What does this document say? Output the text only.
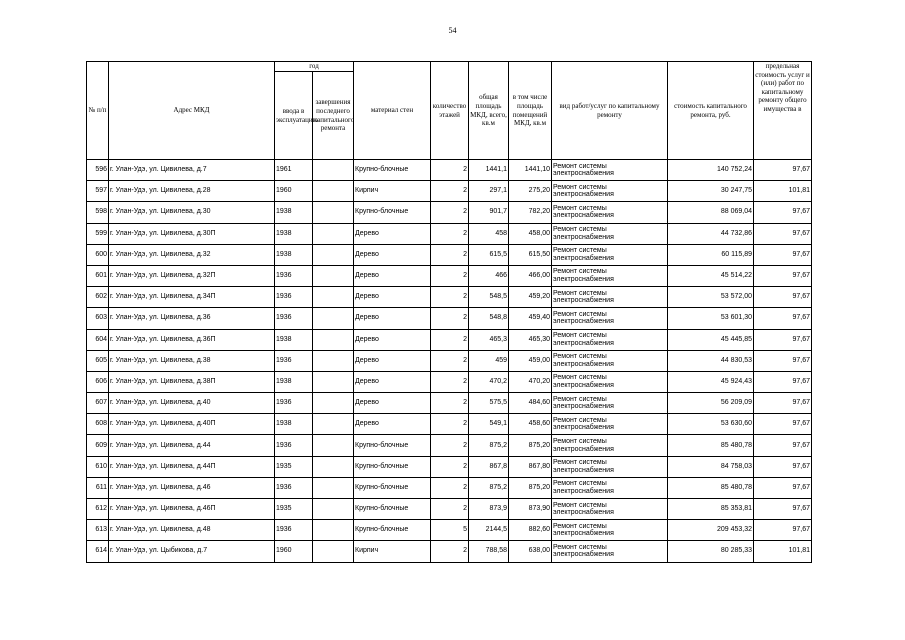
54
№ п/п	Адрес МКД	год		материал стен	количество этажей	общая площадь МКД, всего, кв.м	в том числе площадь помещений МКД, кв.м	вид работ/услуг по капитальному ремонту	стоимость капитального ремонта, руб.	предельная стоимость услуг и (или) работ по капитальному ремонту общего имущества в
		ввода в эксплуатацию	завершения последнего капитального ремонта							
596	г. Улан-Удэ, ул. Цивилева, д.7	1961		Крупно-блочные	2	1441,1	1441,10	Ремонт системы электроснабжения	140 752,24	97,67
597	г. Улан-Удэ, ул. Цивилева, д.28	1960		Кирпич	2	297,1	275,20	Ремонт системы электроснабжения	30 247,75	101,81
598	г. Улан-Удэ, ул. Цивилева, д.30	1938		Крупно-блочные	2	901,7	782,20	Ремонт системы электроснабжения	88 069,04	97,67
599	г. Улан-Удэ, ул. Цивилева, д.30П	1938		Дерево	2	458	458,00	Ремонт системы электроснабжения	44 732,86	97,67
600	г. Улан-Удэ, ул. Цивилева, д.32	1938		Дерево	2	615,5	615,50	Ремонт системы электроснабжения	60 115,89	97,67
601	г. Улан-Удэ, ул. Цивилева, д.32П	1936		Дерево	2	466	466,00	Ремонт системы электроснабжения	45 514,22	97,67
602	г. Улан-Удэ, ул. Цивилева, д.34П	1936		Дерево	2	548,5	459,20	Ремонт системы электроснабжения	53 572,00	97,67
603	г. Улан-Удэ, ул. Цивилева, д.36	1936		Дерево	2	548,8	459,40	Ремонт системы электроснабжения	53 601,30	97,67
604	г. Улан-Удэ, ул. Цивилева, д.36П	1938		Дерево	2	465,3	465,30	Ремонт системы электроснабжения	45 445,85	97,67
605	г. Улан-Удэ, ул. Цивилева, д.38	1936		Дерево	2	459	459,00	Ремонт системы электроснабжения	44 830,53	97,67
606	г. Улан-Удэ, ул. Цивилева, д.38П	1938		Дерево	2	470,2	470,20	Ремонт системы электроснабжения	45 924,43	97,67
607	г. Улан-Удэ, ул. Цивилева, д.40	1936		Дерево	2	575,5	484,60	Ремонт системы электроснабжения	56 209,09	97,67
608	г. Улан-Удэ, ул. Цивилева, д.40П	1938		Дерево	2	549,1	458,60	Ремонт системы электроснабжения	53 630,60	97,67
609	г. Улан-Удэ, ул. Цивилева, д.44	1936		Крупно-блочные	2	875,2	875,20	Ремонт системы электроснабжения	85 480,78	97,67
610	г. Улан-Удэ, ул. Цивилева, д.44П	1935		Крупно-блочные	2	867,8	867,80	Ремонт системы электроснабжения	84 758,03	97,67
611	г. Улан-Удэ, ул. Цивилева, д.46	1936		Крупно-блочные	2	875,2	875,20	Ремонт системы электроснабжения	85 480,78	97,67
612	г. Улан-Удэ, ул. Цивилева, д.46П	1935		Крупно-блочные	2	873,9	873,90	Ремонт системы электроснабжения	85 353,81	97,67
613	г. Улан-Удэ, ул. Цивилева, д.48	1936		Крупно-блочные	5	2144,5	882,60	Ремонт системы электроснабжения	209 453,32	97,67
614	г. Улан-Удэ, ул. Цыбикова, д.7	1960		Кирпич	2	788,58	638,00	Ремонт системы электроснабжения	80 285,33	101,81
